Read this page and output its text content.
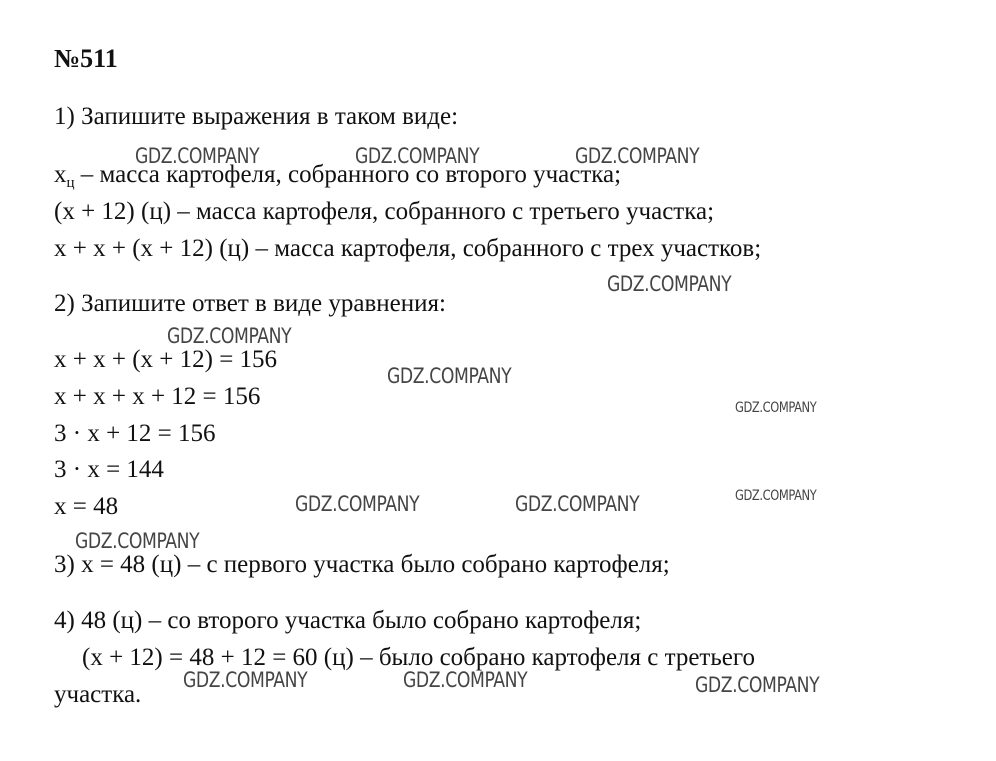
№511
1) Запишите выражения в таком виде:
$x_ц$ – масса картофеля, собранного со второго участка;
(x + 12) (ц) – масса картофеля, собранного с третьего участка;
x + x + (x + 12) (ц) – масса картофеля, собранного с трех участков;
2) Запишите ответ в виде уравнения:
x + x + (x + 12) = 156
x + x + x + 12 = 156
3 · x + 12 = 156
3 · x = 144
x = 48
3) x = 48 (ц) – с первого участка было собрано картофеля;
4) 48 (ц) – со второго участка было собрано картофеля;
(x + 12) = 48 + 12 = 60 (ц) – было собрано картофеля с третьего
участка.
GDZ.COMPANY	GDZ.COMPANY	GDZ.COMPANY
GDZ.COMPANY
GDZ.COMPANY
GDZ.COMPANY
GDZ.COMPANY
GDZ.COMPANY	GDZ.COMPANY	GDZ.COMPANY
GDZ.COMPANY
GDZ.COMPANY	GDZ.COMPANY	GDZ.COMPANY
